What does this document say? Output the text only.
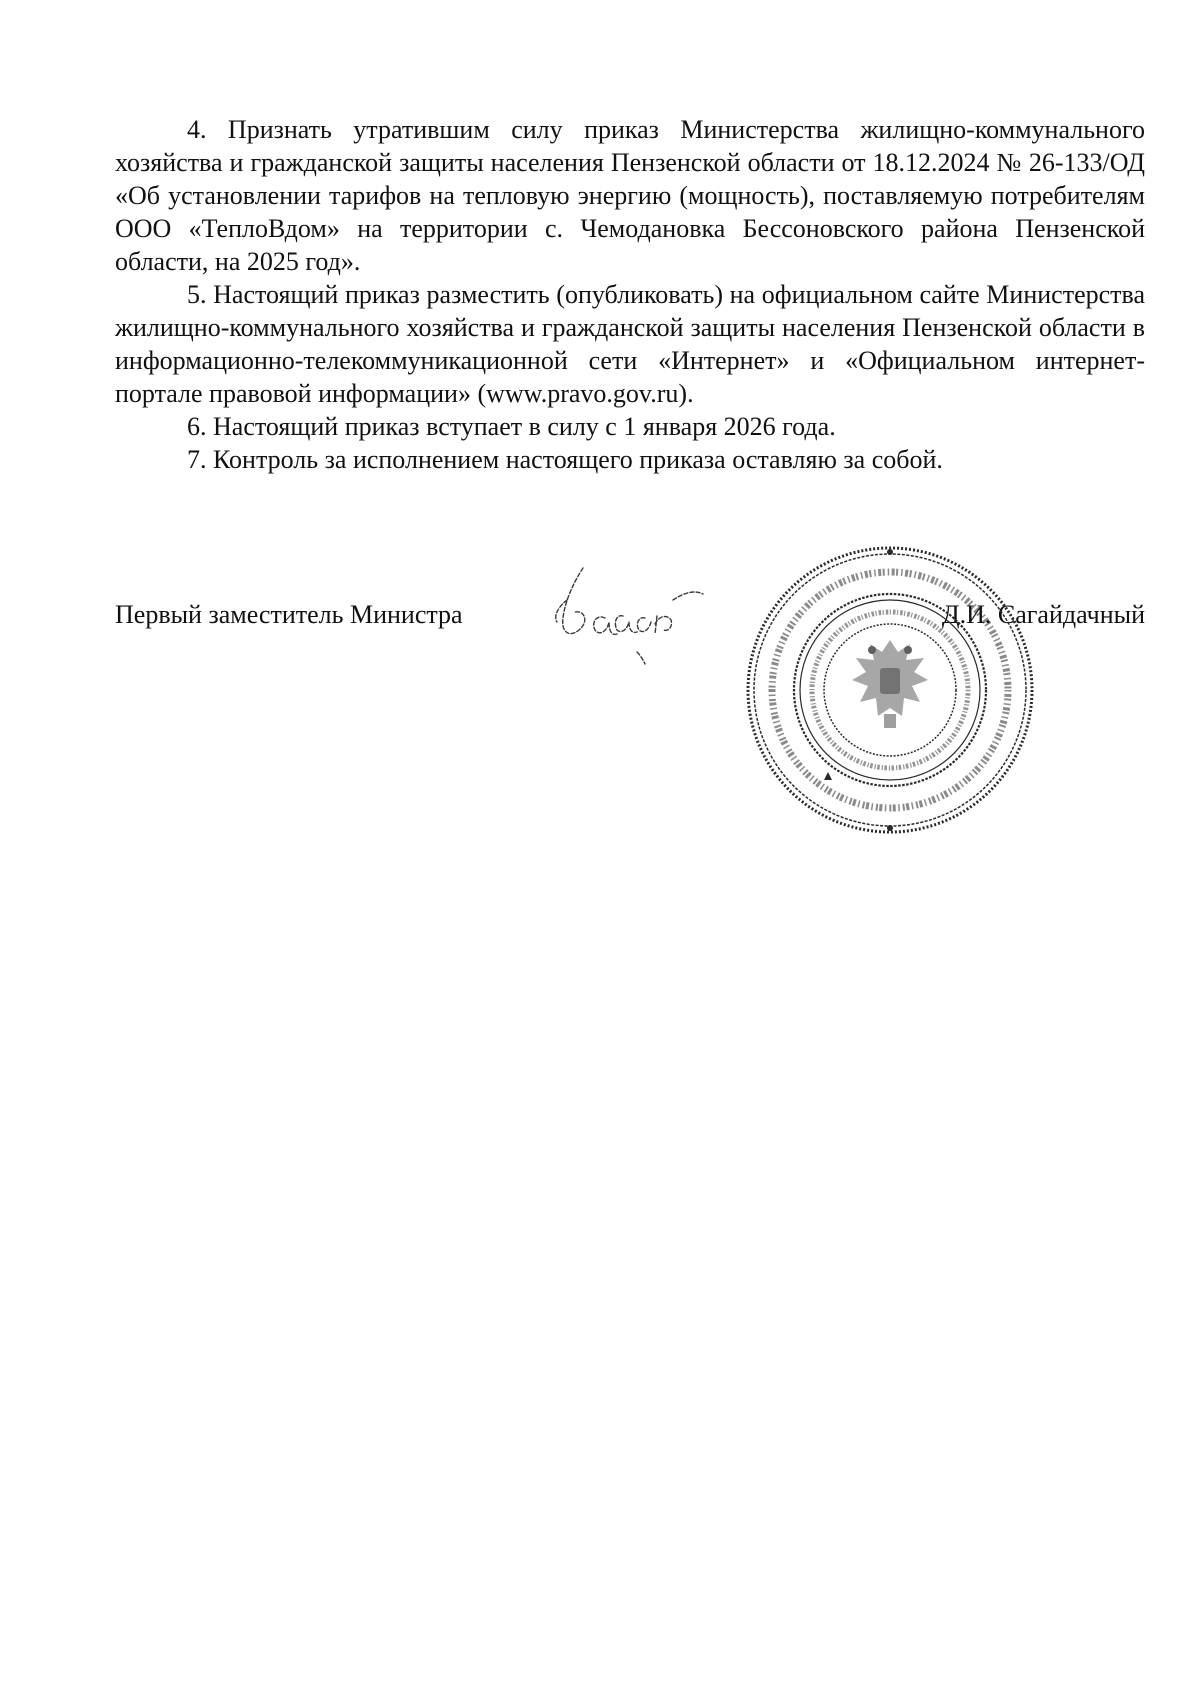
4. Признать утратившим силу приказ Министерства жилищно-коммунального хозяйства и гражданской защиты населения Пензенской области от 18.12.2024 № 26-133/ОД «Об установлении тарифов на тепловую энергию (мощность), поставляемую потребителям ООО «ТеплоВдом» на территории с. Чемодановка Бессоновского района Пензенской области, на 2025 год».

5. Настоящий приказ разместить (опубликовать) на официальном сайте Министерства жилищно-коммунального хозяйства и гражданской защиты населения Пензенской области в информационно-телекоммуникационной сети «Интернет» и «Официальном интернет-портале правовой информации» (www.pravo.gov.ru).

6. Настоящий приказ вступает в силу с 1 января 2026 года.

7. Контроль за исполнением настоящего приказа оставляю за собой.

Первый заместитель Министра	Д.И. Сагайдачный
